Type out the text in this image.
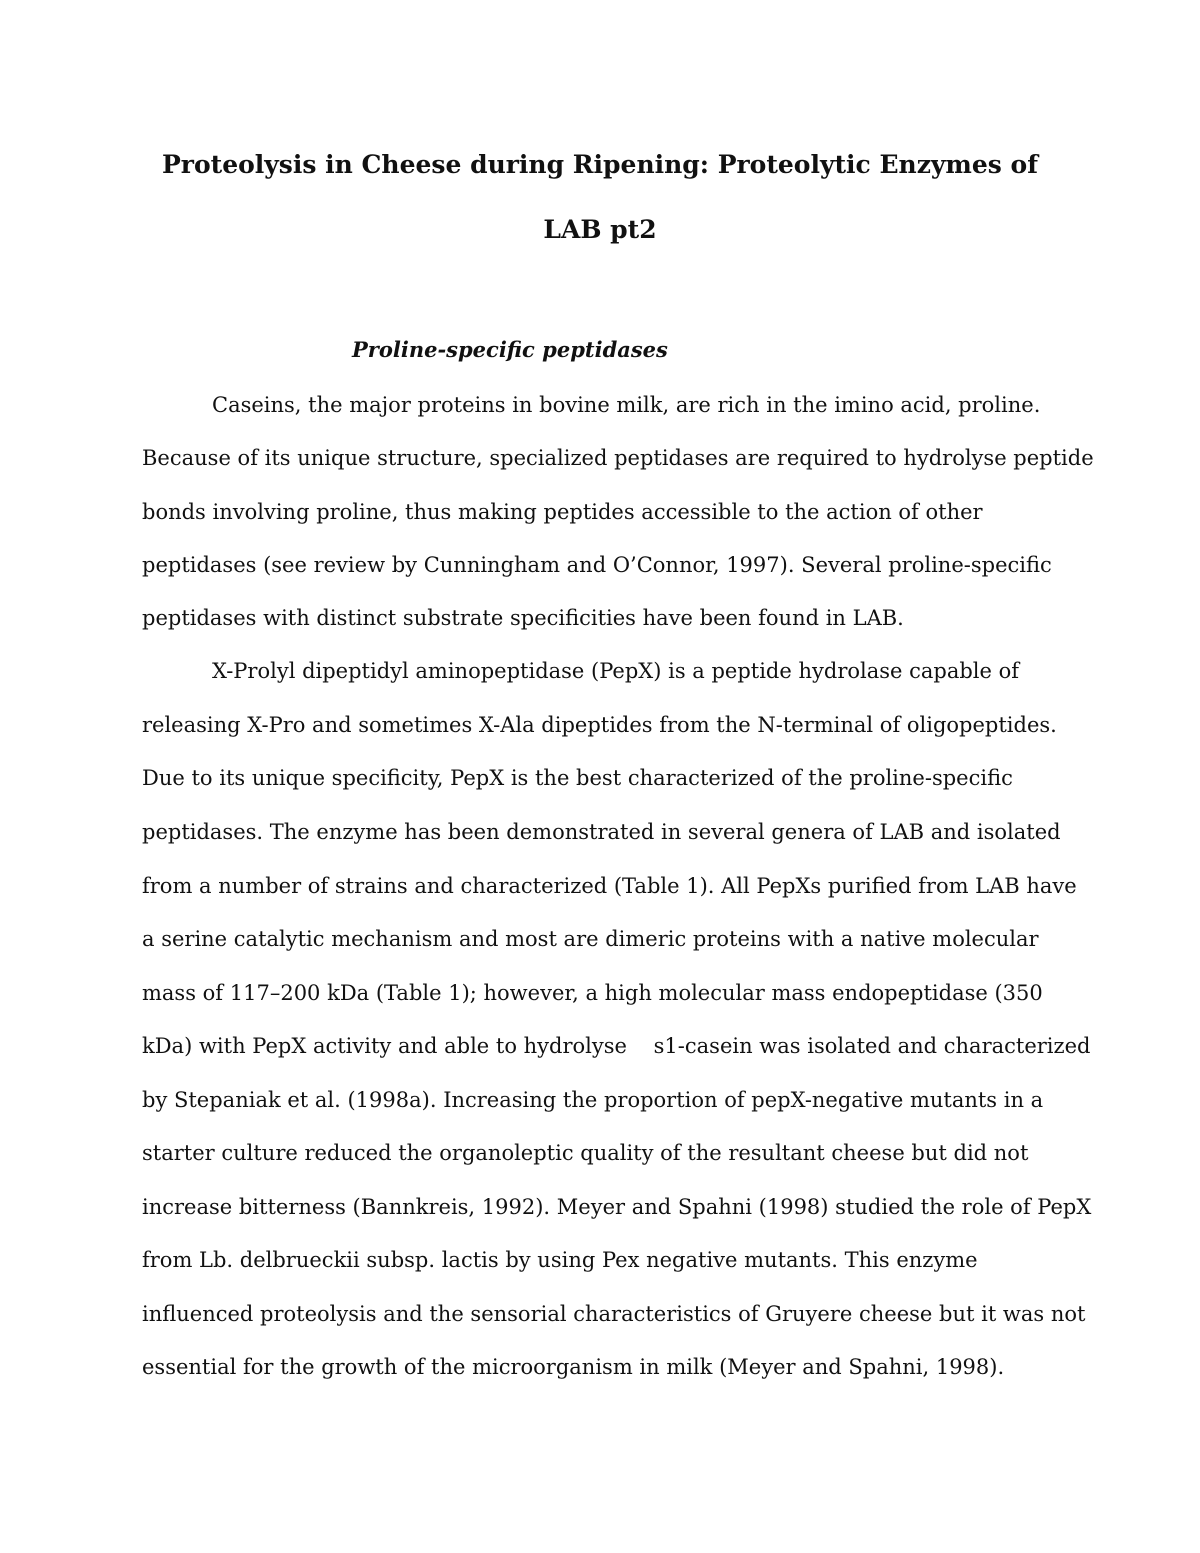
Proteolysis in Cheese during Ripening: Proteolytic Enzymes of
LAB pt2
Proline-specific peptidases

Caseins, the major proteins in bovine milk, are rich in the imino acid, proline.

Because of its unique structure, specialized peptidases are required to hydrolyse peptide

bonds involving proline, thus making peptides accessible to the action of other

peptidases (see review by Cunningham and O’Connor, 1997). Several proline-specific

peptidases with distinct substrate specificities have been found in LAB.

X-Prolyl dipeptidyl aminopeptidase (PepX) is a peptide hydrolase capable of

releasing X-Pro and sometimes X-Ala dipeptides from the N-terminal of oligopeptides.

Due to its unique specificity, PepX is the best characterized of the proline-specific

peptidases. The enzyme has been demonstrated in several genera of LAB and isolated

from a number of strains and characterized (Table 1). All PepXs purified from LAB have

a serine catalytic mechanism and most are dimeric proteins with a native molecular

mass of 117–200 kDa (Table 1); however, a high molecular mass endopeptidase (350

kDa) with PepX activity and able to hydrolyse    s1-casein was isolated and characterized

by Stepaniak et al. (1998a). Increasing the proportion of pepX-negative mutants in a

starter culture reduced the organoleptic quality of the resultant cheese but did not

increase bitterness (Bannkreis, 1992). Meyer and Spahni (1998) studied the role of PepX

from Lb. delbrueckii subsp. lactis by using Pex negative mutants. This enzyme

influenced proteolysis and the sensorial characteristics of Gruyere cheese but it was not

essential for the growth of the microorganism in milk (Meyer and Spahni, 1998).
